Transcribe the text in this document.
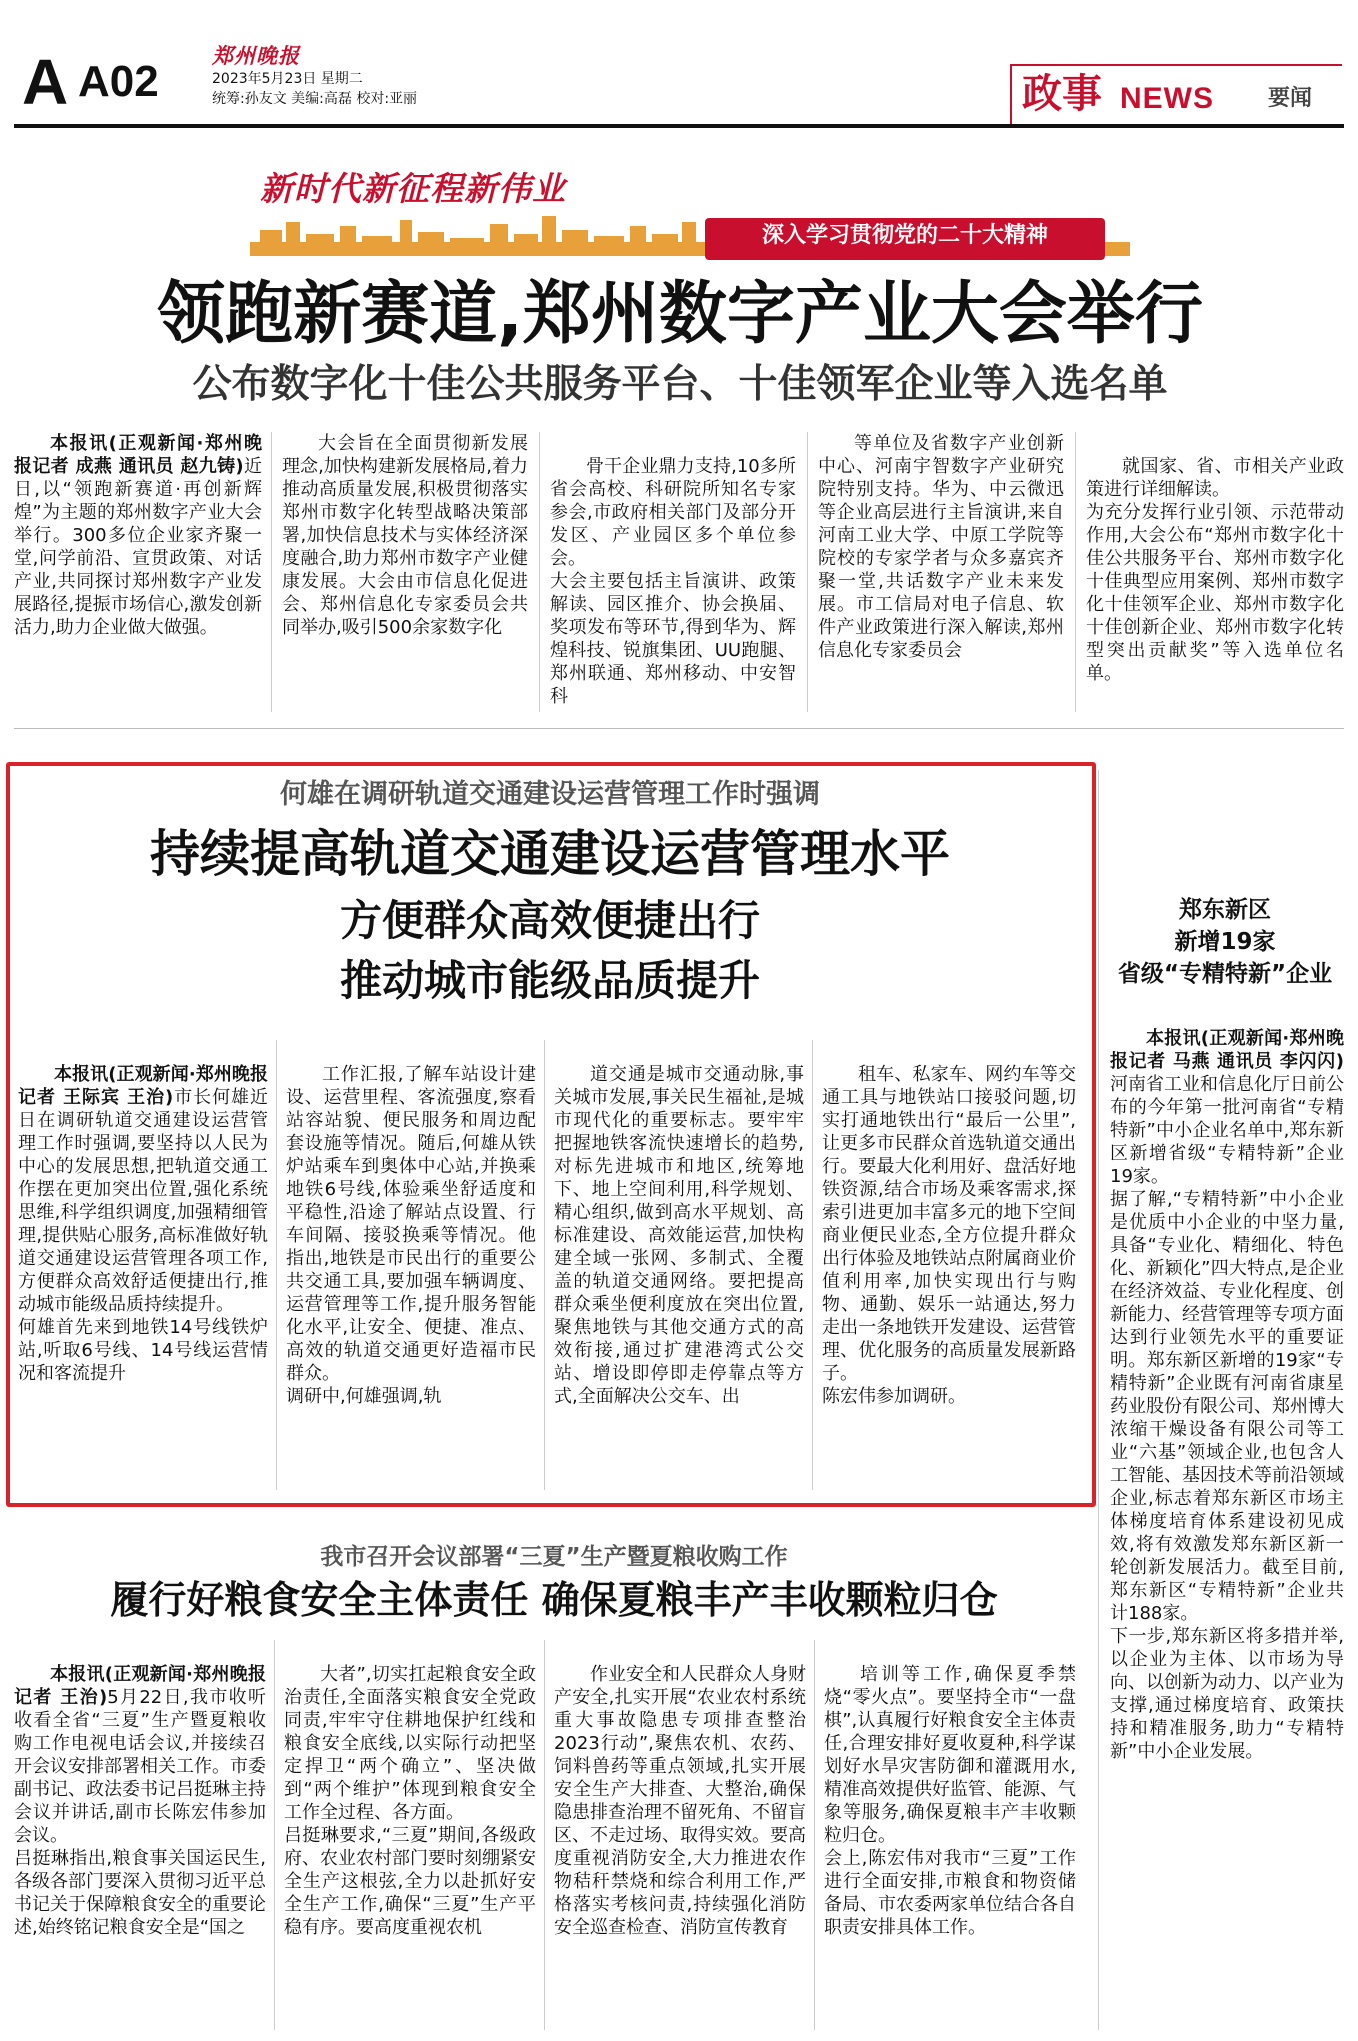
A A02
郑州晚报
2023年5月23日 星期二
统筹:孙友文 美编:高磊 校对:亚丽	政事 NEWS 要闻
新时代新征程新伟业
深入学习贯彻党的二十大精神
领跑新赛道,郑州数字产业大会举行
公布数字化十佳公共服务平台、十佳领军企业等入选名单

本报讯(正观新闻·郑州晚报记者 成燕 通讯员 赵九铸)近日,以“领跑新赛道·再创新辉煌”为主题的郑州数字产业大会举行。300多位企业家齐聚一堂,问学前沿、宣贯政策、对话产业,共同探讨郑州数字产业发展路径,提振市场信心,激发创新活力,助力企业做大做强。

大会旨在全面贯彻新发展理念,加快构建新发展格局,着力推动高质量发展,积极贯彻落实郑州市数字化转型战略决策部署,加快信息技术与实体经济深度融合,助力郑州市数字产业健康发展。大会由市信息化促进会、郑州信息化专家委员会共同举办,吸引500余家数字化

骨干企业鼎力支持,10多所省会高校、科研院所知名专家参会,市政府相关部门及部分开发区、产业园区多个单位参会。
大会主要包括主旨演讲、政策解读、园区推介、协会换届、奖项发布等环节,得到华为、辉煌科技、锐旗集团、UU跑腿、郑州联通、郑州移动、中安智科

等单位及省数字产业创新中心、河南宇智数字产业研究院特别支持。华为、中云微迅等企业高层进行主旨演讲,来自河南工业大学、中原工学院等院校的专家学者与众多嘉宾齐聚一堂,共话数字产业未来发展。市工信局对电子信息、软件产业政策进行深入解读,郑州信息化专家委员会

就国家、省、市相关产业政策进行详细解读。
为充分发挥行业引领、示范带动作用,大会公布“郑州市数字化十佳公共服务平台、郑州市数字化十佳典型应用案例、郑州市数字化十佳领军企业、郑州市数字化十佳创新企业、郑州市数字化转型突出贡献奖”等入选单位名单。

何雄在调研轨道交通建设运营管理工作时强调
持续提高轨道交通建设运营管理水平
方便群众高效便捷出行
推动城市能级品质提升

本报讯(正观新闻·郑州晚报记者 王际宾 王治)市长何雄近日在调研轨道交通建设运营管理工作时强调,要坚持以人民为中心的发展思想,把轨道交通工作摆在更加突出位置,强化系统思维,科学组织调度,加强精细管理,提供贴心服务,高标准做好轨道交通建设运营管理各项工作,方便群众高效舒适便捷出行,推动城市能级品质持续提升。
何雄首先来到地铁14号线铁炉站,听取6号线、14号线运营情况和客流提升

工作汇报,了解车站设计建设、运营里程、客流强度,察看站容站貌、便民服务和周边配套设施等情况。随后,何雄从铁炉站乘车到奥体中心站,并换乘地铁6号线,体验乘坐舒适度和平稳性,沿途了解站点设置、行车间隔、接驳换乘等情况。他指出,地铁是市民出行的重要公共交通工具,要加强车辆调度、运营管理等工作,提升服务智能化水平,让安全、便捷、准点、高效的轨道交通更好造福市民群众。
调研中,何雄强调,轨

道交通是城市交通动脉,事关城市发展,事关民生福祉,是城市现代化的重要标志。要牢牢把握地铁客流快速增长的趋势,对标先进城市和地区,统筹地下、地上空间利用,科学规划、精心组织,做到高水平规划、高标准建设、高效能运营,加快构建全域一张网、多制式、全覆盖的轨道交通网络。要把提高群众乘坐便利度放在突出位置,聚焦地铁与其他交通方式的高效衔接,通过扩建港湾式公交站、增设即停即走停靠点等方式,全面解决公交车、出

租车、私家车、网约车等交通工具与地铁站口接驳问题,切实打通地铁出行“最后一公里”,让更多市民群众首选轨道交通出行。要最大化利用好、盘活好地铁资源,结合市场及乘客需求,探索引进更加丰富多元的地下空间商业便民业态,全方位提升群众出行体验及地铁站点附属商业价值利用率,加快实现出行与购物、通勤、娱乐一站通达,努力走出一条地铁开发建设、运营管理、优化服务的高质量发展新路子。
陈宏伟参加调研。

郑东新区
新增19家
省级“专精特新”企业

本报讯(正观新闻·郑州晚报记者 马燕 通讯员 李闪闪)河南省工业和信息化厅日前公布的今年第一批河南省“专精特新”中小企业名单中,郑东新区新增省级“专精特新”企业19家。
据了解,“专精特新”中小企业是优质中小企业的中坚力量,具备“专业化、精细化、特色化、新颖化”四大特点,是企业在经济效益、专业化程度、创新能力、经营管理等专项方面达到行业领先水平的重要证明。郑东新区新增的19家“专精特新”企业既有河南省康星药业股份有限公司、郑州博大浓缩干燥设备有限公司等工业“六基”领域企业,也包含人工智能、基因技术等前沿领域企业,标志着郑东新区市场主体梯度培育体系建设初见成效,将有效激发郑东新区新一轮创新发展活力。截至目前,郑东新区“专精特新”企业共计188家。
下一步,郑东新区将多措并举,以企业为主体、以市场为导向、以创新为动力、以产业为支撑,通过梯度培育、政策扶持和精准服务,助力“专精特新”中小企业发展。

我市召开会议部署“三夏”生产暨夏粮收购工作
履行好粮食安全主体责任 确保夏粮丰产丰收颗粒归仓

本报讯(正观新闻·郑州晚报记者 王治)5月22日,我市收听收看全省“三夏”生产暨夏粮收购工作电视电话会议,并接续召开会议安排部署相关工作。市委副书记、政法委书记吕挺琳主持会议并讲话,副市长陈宏伟参加会议。
吕挺琳指出,粮食事关国运民生,各级各部门要深入贯彻习近平总书记关于保障粮食安全的重要论述,始终铭记粮食安全是“国之

大者”,切实扛起粮食安全政治责任,全面落实粮食安全党政同责,牢牢守住耕地保护红线和粮食安全底线,以实际行动把坚定捍卫“两个确立”、坚决做到“两个维护”体现到粮食安全工作全过程、各方面。
吕挺琳要求,“三夏”期间,各级政府、农业农村部门要时刻绷紧安全生产这根弦,全力以赴抓好安全生产工作,确保“三夏”生产平稳有序。要高度重视农机

作业安全和人民群众人身财产安全,扎实开展“农业农村系统重大事故隐患专项排查整治2023行动”,聚焦农机、农药、饲料兽药等重点领域,扎实开展安全生产大排查、大整治,确保隐患排查治理不留死角、不留盲区、不走过场、取得实效。要高度重视消防安全,大力推进农作物秸秆禁烧和综合利用工作,严格落实考核问责,持续强化消防安全巡查检查、消防宣传教育

培训等工作,确保夏季禁烧“零火点”。要坚持全市“一盘棋”,认真履行好粮食安全主体责任,合理安排好夏收夏种,科学谋划好水旱灾害防御和灌溉用水,精准高效提供好监管、能源、气象等服务,确保夏粮丰产丰收颗粒归仓。
会上,陈宏伟对我市“三夏”工作进行全面安排,市粮食和物资储备局、市农委两家单位结合各自职责安排具体工作。
